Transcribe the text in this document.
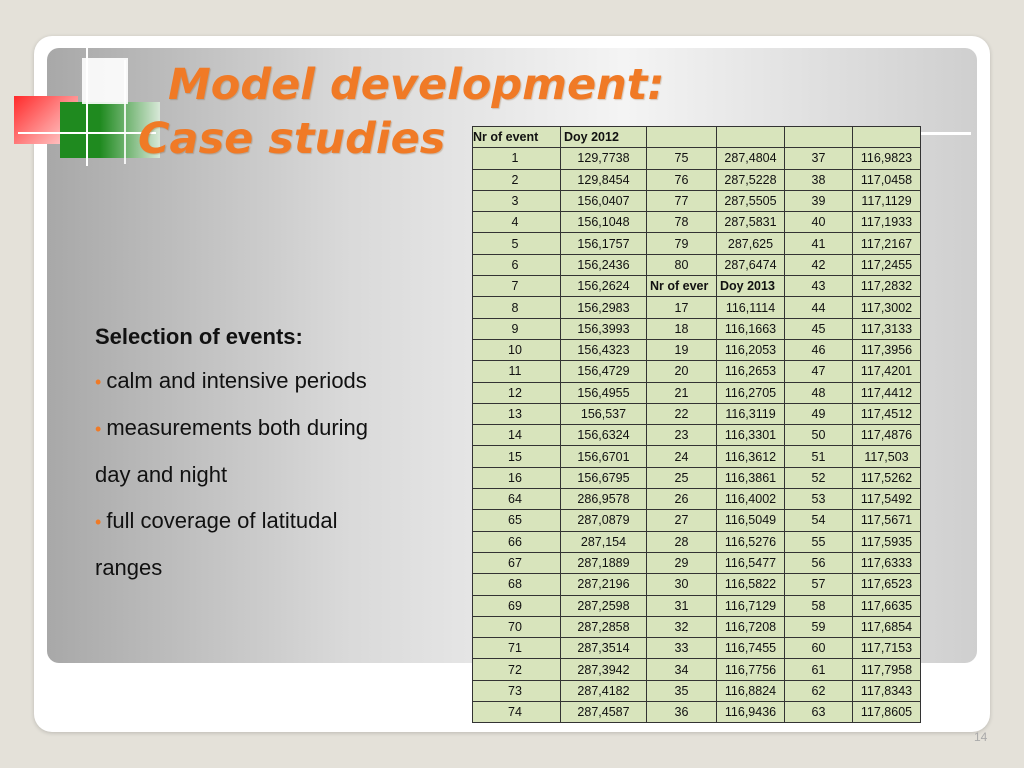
Model development:
Case studies

Selection of events:

• calm and intensive periods

• measurements both during

day and night

• full coverage of latitudal

ranges

Nr of event	Doy 2012				
1	129,7738	75	287,4804	37	116,9823
2	129,8454	76	287,5228	38	117,0458
3	156,0407	77	287,5505	39	117,1129
4	156,1048	78	287,5831	40	117,1933
5	156,1757	79	287,625	41	117,2167
6	156,2436	80	287,6474	42	117,2455
7	156,2624	Nr of ever	Doy 2013	43	117,2832
8	156,2983	17	116,1114	44	117,3002
9	156,3993	18	116,1663	45	117,3133
10	156,4323	19	116,2053	46	117,3956
11	156,4729	20	116,2653	47	117,4201
12	156,4955	21	116,2705	48	117,4412
13	156,537	22	116,3119	49	117,4512
14	156,6324	23	116,3301	50	117,4876
15	156,6701	24	116,3612	51	117,503
16	156,6795	25	116,3861	52	117,5262
64	286,9578	26	116,4002	53	117,5492
65	287,0879	27	116,5049	54	117,5671
66	287,154	28	116,5276	55	117,5935
67	287,1889	29	116,5477	56	117,6333
68	287,2196	30	116,5822	57	117,6523
69	287,2598	31	116,7129	58	117,6635
70	287,2858	32	116,7208	59	117,6854
71	287,3514	33	116,7455	60	117,7153
72	287,3942	34	116,7756	61	117,7958
73	287,4182	35	116,8824	62	117,8343
74	287,4587	36	116,9436	63	117,8605
14
